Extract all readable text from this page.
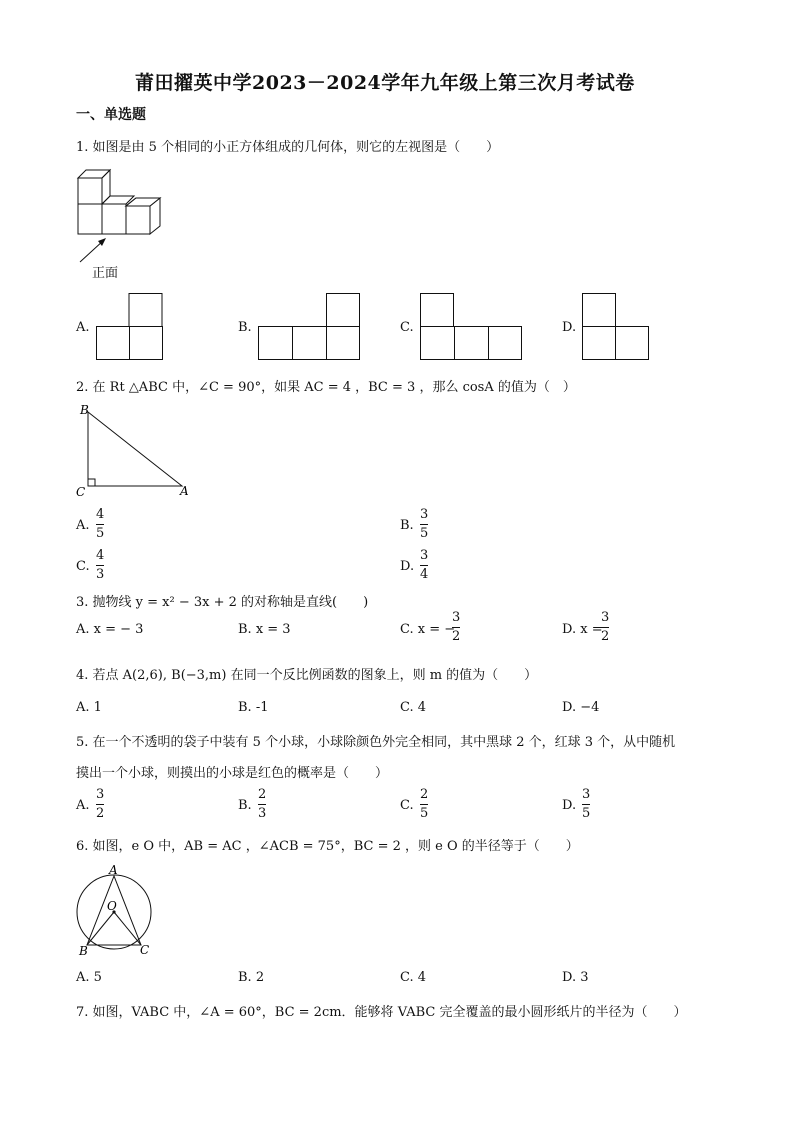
莆田擢英中学2023－2024学年九年级上第三次月考试卷
一、单选题
1. 如图是由 5 个相同的小正方体组成的几何体，则它的左视图是（　　）
正面
A.	B.	C.	D.
2. 在 Rt △ABC 中，∠C = 90°，如果 AC = 4 ，BC = 3 ，那么 cosA 的值为（　）
B
C	A
A.
4
5
B.
3
5
C.
4
3
D.
3
4
3. 抛物线 y = x² − 3x + 2 的对称轴是直线(　　)
A. x = − 3	B. x = 3	C. x = −
3
2	D. x =
3
2
4. 若点 A(2,6), B(−3,m) 在同一个反比例函数的图象上，则 m 的值为（　　）
A. 1	B. -1	C. 4	D. −4
5. 在一个不透明的袋子中装有 5 个小球，小球除颜色外完全相同，其中黑球 2 个，红球 3 个，从中随机
摸出一个小球，则摸出的小球是红色的概率是（　　）
A.
3
2
B.
2
3
C.
2
5
D.
3
5
6. 如图，e O 中，AB = AC ，∠ACB = 75°，BC = 2 ，则 e O 的半径等于（　　）
A
O
B	C
A. 5	B. 2	C. 4	D. 3
7. 如图，VABC 中，∠A = 60°，BC = 2cm．能够将 VABC 完全覆盖的最小圆形纸片的半径为（　　）
